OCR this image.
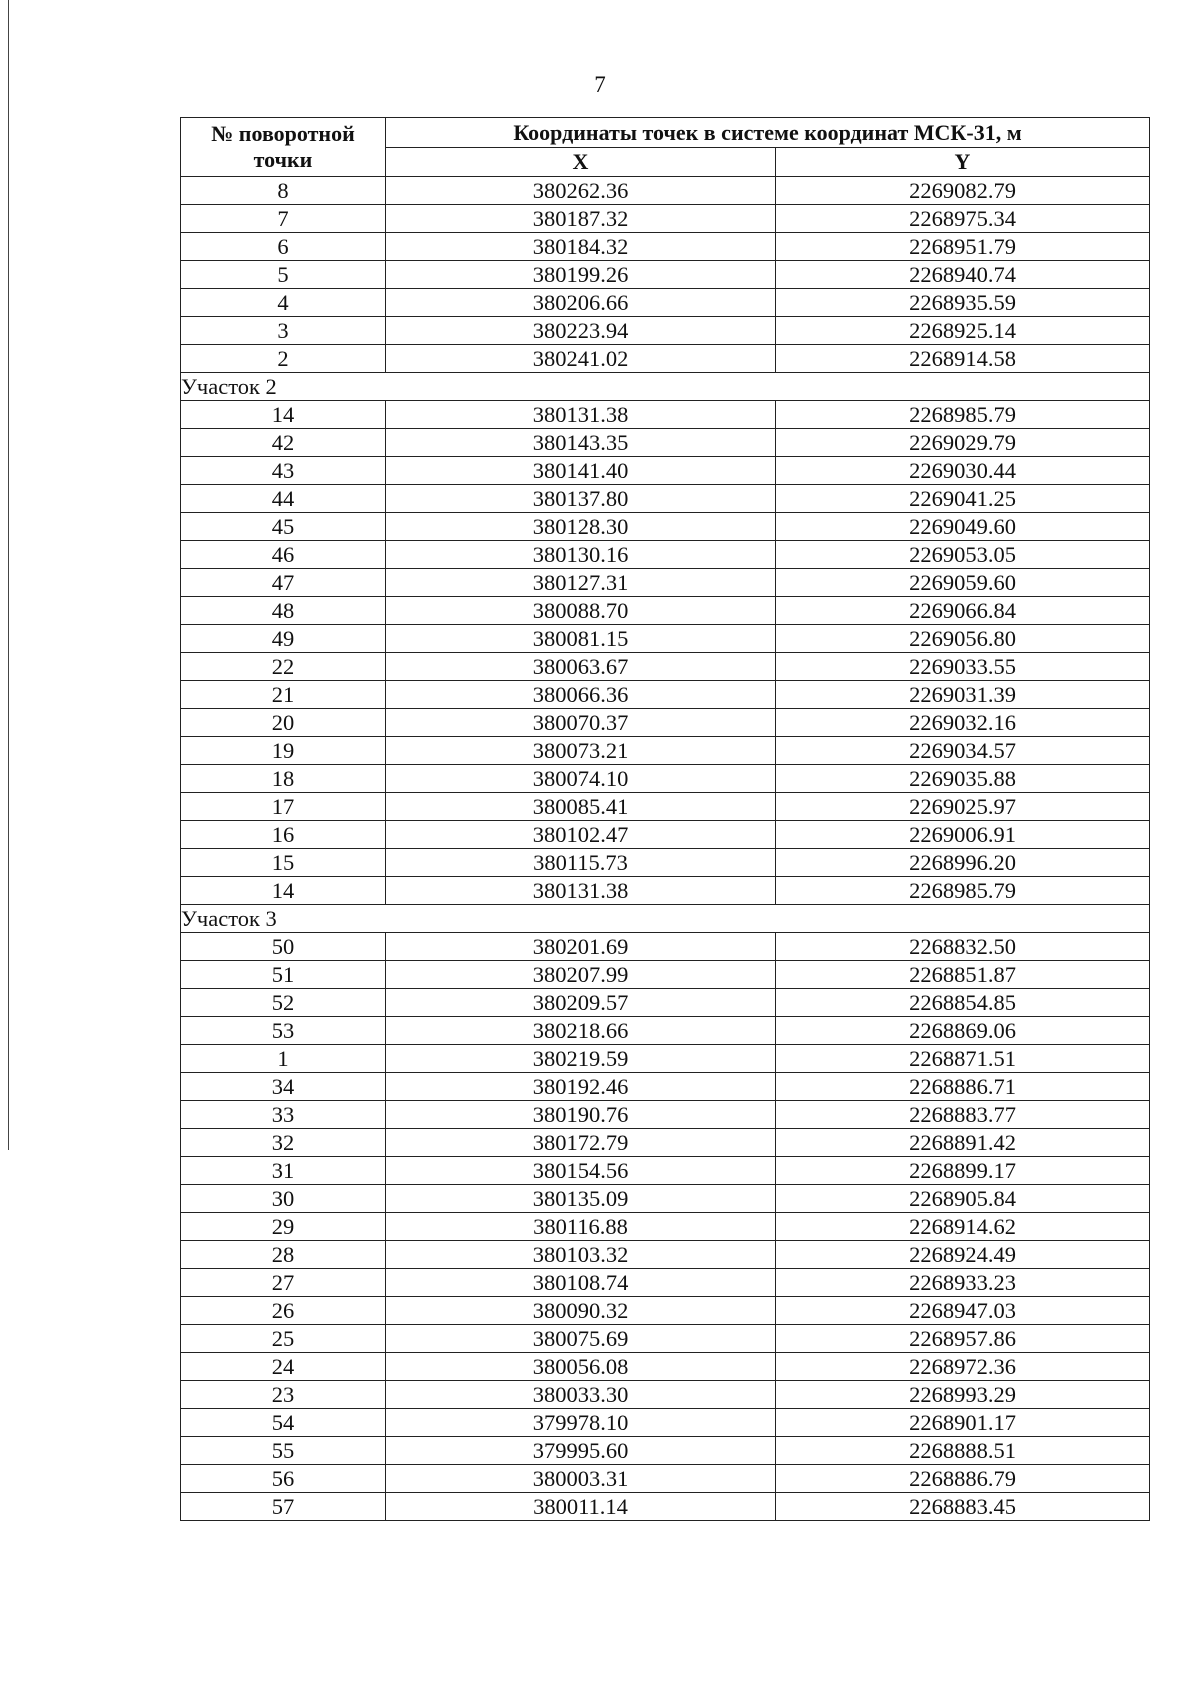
7
№ поворотной точки	Координаты точек в системе координат МСК-31, м	
	X	Y
8	380262.36	2269082.79
7	380187.32	2268975.34
6	380184.32	2268951.79
5	380199.26	2268940.74
4	380206.66	2268935.59
3	380223.94	2268925.14
2	380241.02	2268914.58
Участок 2		
14	380131.38	2268985.79
42	380143.35	2269029.79
43	380141.40	2269030.44
44	380137.80	2269041.25
45	380128.30	2269049.60
46	380130.16	2269053.05
47	380127.31	2269059.60
48	380088.70	2269066.84
49	380081.15	2269056.80
22	380063.67	2269033.55
21	380066.36	2269031.39
20	380070.37	2269032.16
19	380073.21	2269034.57
18	380074.10	2269035.88
17	380085.41	2269025.97
16	380102.47	2269006.91
15	380115.73	2268996.20
14	380131.38	2268985.79
Участок 3		
50	380201.69	2268832.50
51	380207.99	2268851.87
52	380209.57	2268854.85
53	380218.66	2268869.06
1	380219.59	2268871.51
34	380192.46	2268886.71
33	380190.76	2268883.77
32	380172.79	2268891.42
31	380154.56	2268899.17
30	380135.09	2268905.84
29	380116.88	2268914.62
28	380103.32	2268924.49
27	380108.74	2268933.23
26	380090.32	2268947.03
25	380075.69	2268957.86
24	380056.08	2268972.36
23	380033.30	2268993.29
54	379978.10	2268901.17
55	379995.60	2268888.51
56	380003.31	2268886.79
57	380011.14	2268883.45
